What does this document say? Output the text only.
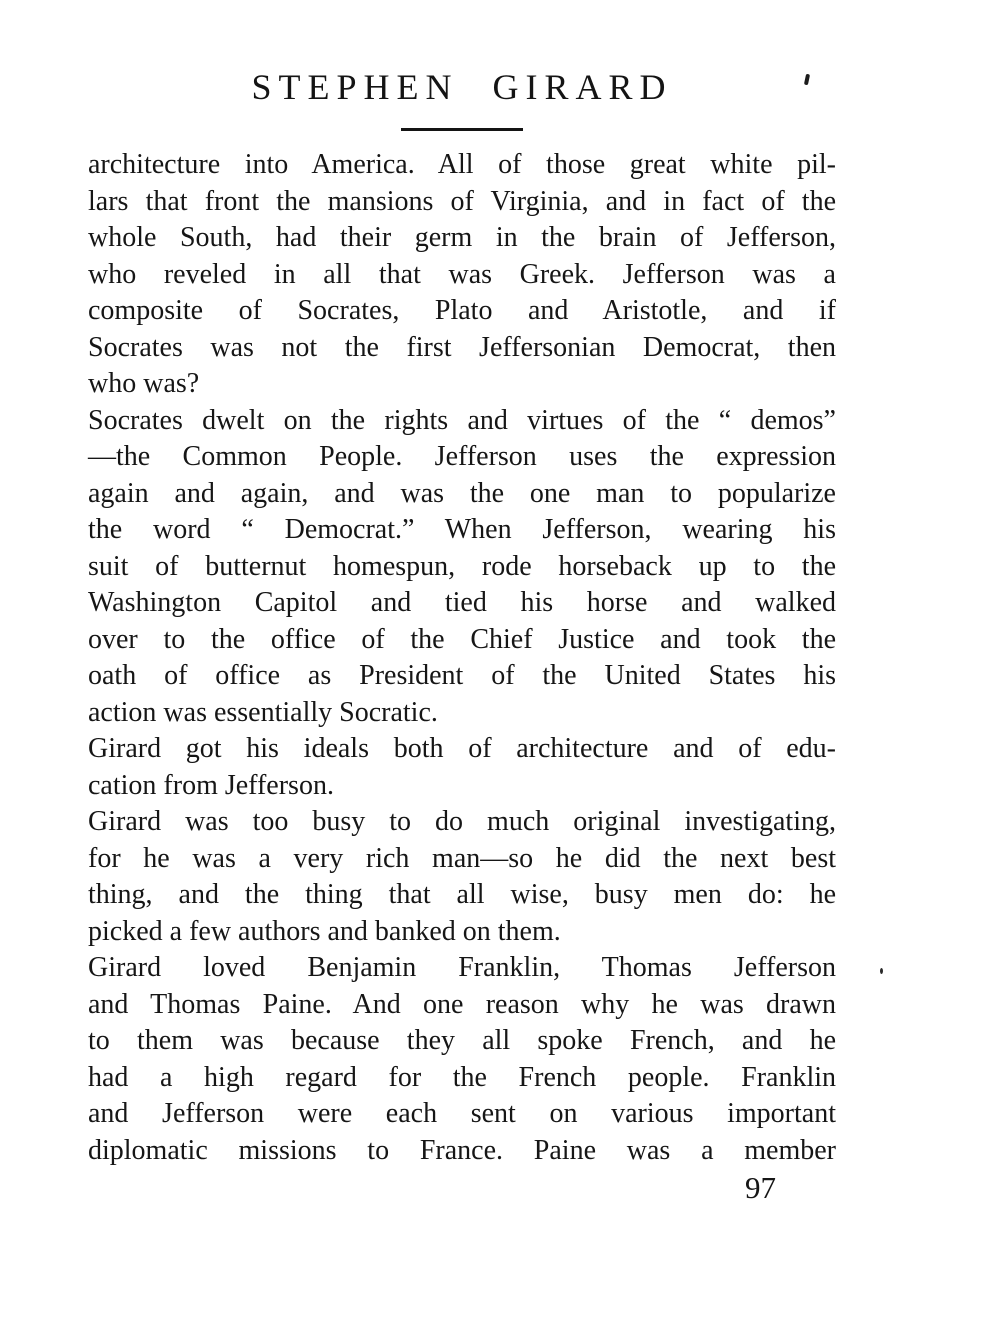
STEPHEN GIRARD
architecture into America. All of those great white pil-
lars that front the mansions of Virginia, and in fact of the
whole South, had their germ in the brain of Jefferson,
who reveled in all that was Greek. Jefferson was a
composite of Socrates, Plato and Aristotle, and if
Socrates was not the first Jeffersonian Democrat, then
who was?
Socrates dwelt on the rights and virtues of the “ demos”
—the Common People. Jefferson uses the expression
again and again, and was the one man to popularize
the word “ Democrat.” When Jefferson, wearing his
suit of butternut homespun, rode horseback up to the
Washington Capitol and tied his horse and walked
over to the office of the Chief Justice and took the
oath of office as President of the United States his
action was essentially Socratic.
Girard got his ideals both of architecture and of edu-
cation from Jefferson.
Girard was too busy to do much original investigating,
for he was a very rich man—so he did the next best
thing, and the thing that all wise, busy men do: he
picked a few authors and banked on them.
Girard loved Benjamin Franklin, Thomas Jefferson
and Thomas Paine. And one reason why he was drawn
to them was because they all spoke French, and he
had a high regard for the French people. Franklin
and Jefferson were each sent on various important
diplomatic missions to France. Paine was a member
97
